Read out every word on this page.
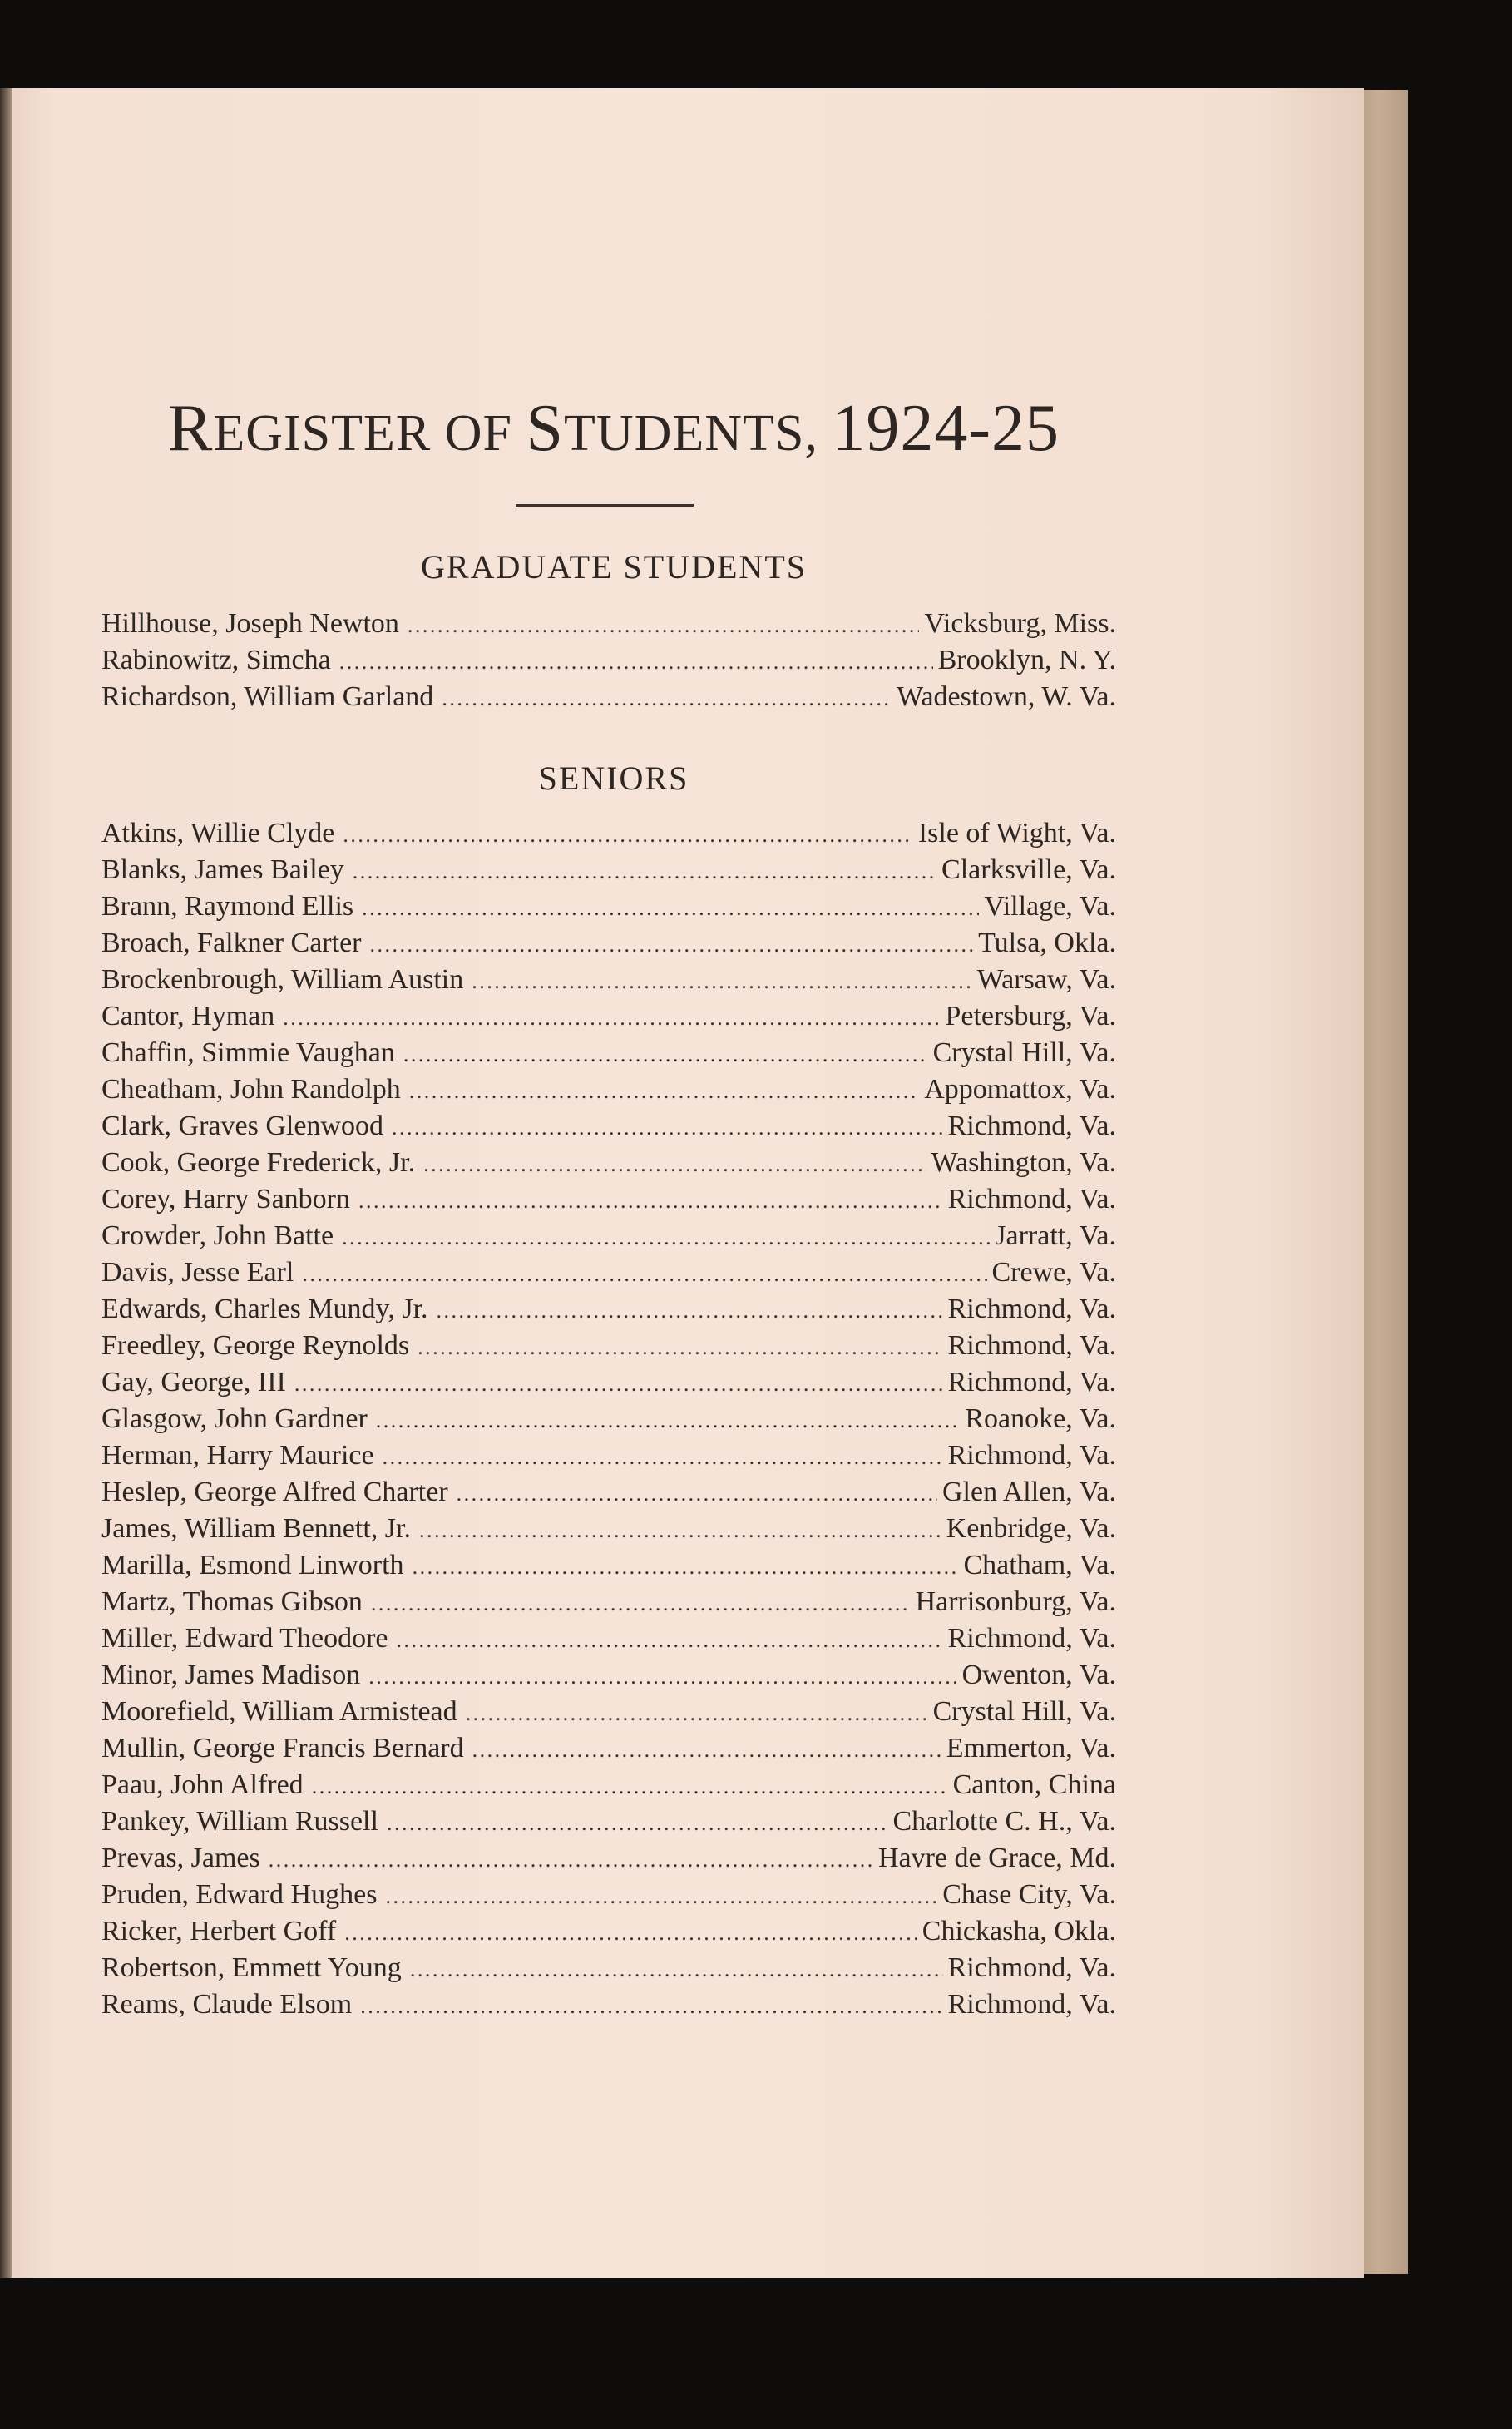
REGISTER OF STUDENTS, 1924-25
GRADUATE STUDENTS
Hillhouse, Joseph Newton . . .	Vicksburg, Miss.
Rabinowitz, Simcha . . .	Brooklyn, N. Y.
Richardson, William Garland . . .	Wadestown, W. Va.
SENIORS
Atkins, Willie Clyde . . .	Isle of Wight, Va.
Blanks, James Bailey . . .	Clarksville, Va.
Brann, Raymond Ellis . . .	Village, Va.
Broach, Falkner Carter . . .	Tulsa, Okla.
Brockenbrough, William Austin . . .	Warsaw, Va.
Cantor, Hyman . . .	Petersburg, Va.
Chaffin, Simmie Vaughan . . .	Crystal Hill, Va.
Cheatham, John Randolph . . .	Appomattox, Va.
Clark, Graves Glenwood . . .	Richmond, Va.
Cook, George Frederick, Jr. . . .	Washington, Va.
Corey, Harry Sanborn . . .	Richmond, Va.
Crowder, John Batte . . .	Jarratt, Va.
Davis, Jesse Earl . . .	Crewe, Va.
Edwards, Charles Mundy, Jr. . . .	Richmond, Va.
Freedley, George Reynolds . . .	Richmond, Va.
Gay, George, III . . .	Richmond, Va.
Glasgow, John Gardner . . .	Roanoke, Va.
Herman, Harry Maurice . . .	Richmond, Va.
Heslep, George Alfred Charter . . .	Glen Allen, Va.
James, William Bennett, Jr. . . .	Kenbridge, Va.
Marilla, Esmond Linworth . . .	Chatham, Va.
Martz, Thomas Gibson . . .	Harrisonburg, Va.
Miller, Edward Theodore . . .	Richmond, Va.
Minor, James Madison . . .	Owenton, Va.
Moorefield, William Armistead . . .	Crystal Hill, Va.
Mullin, George Francis Bernard . . .	Emmerton, Va.
Paau, John Alfred . . .	Canton, China
Pankey, William Russell . . .	Charlotte C. H., Va.
Prevas, James . . .	Havre de Grace, Md.
Pruden, Edward Hughes . . .	Chase City, Va.
Ricker, Herbert Goff . . .	Chickasha, Okla.
Robertson, Emmett Young . . .	Richmond, Va.
Reams, Claude Elsom . . .	Richmond, Va.
